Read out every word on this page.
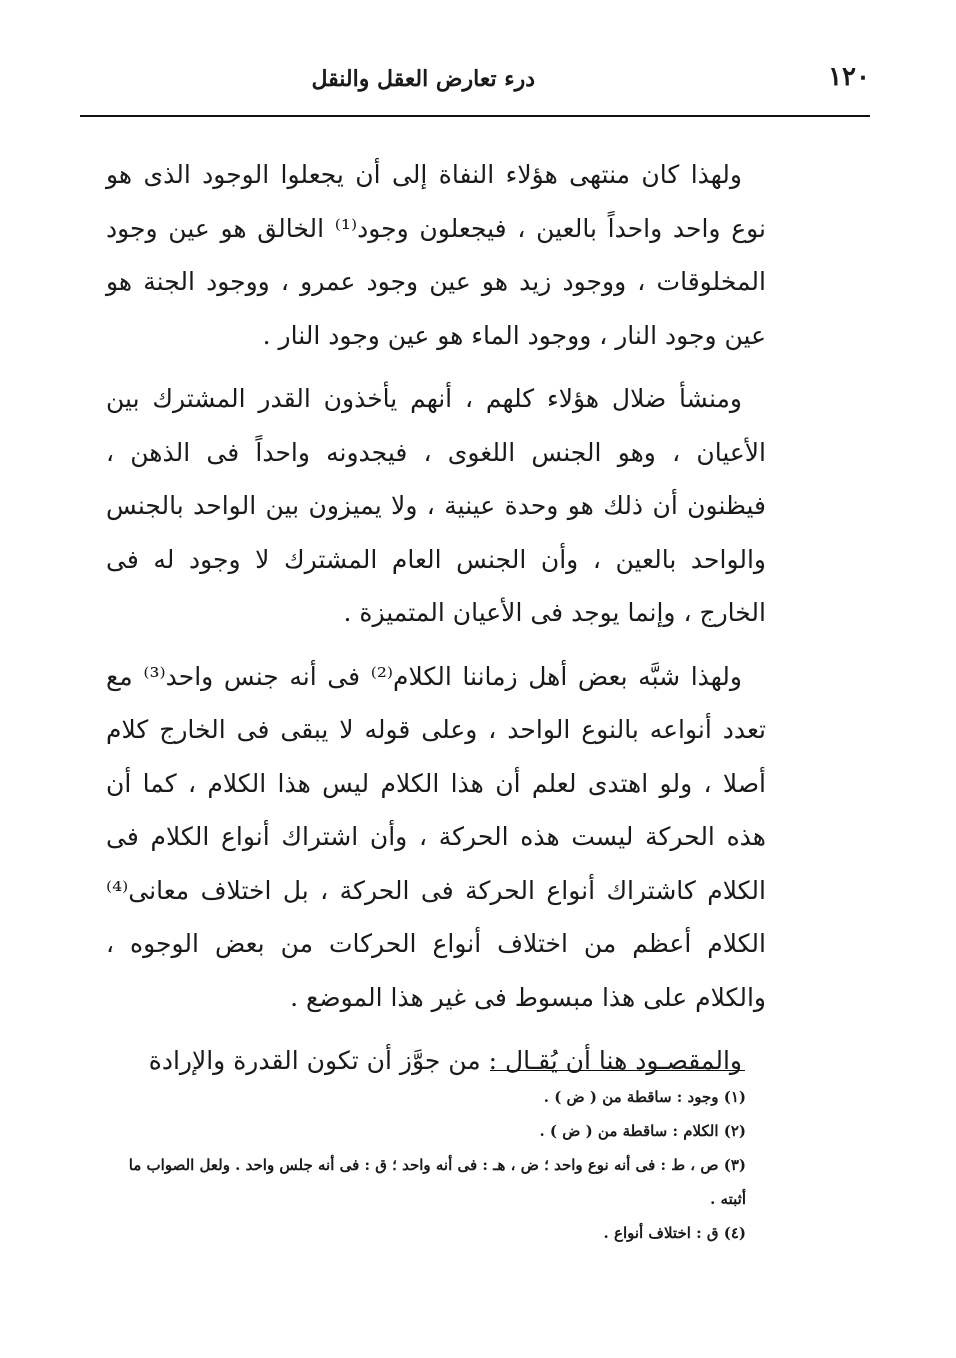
١٢٠
درء تعارض العقل والنقل

ولهذا كان منتهى هؤلاء النفاة إلى أن يجعلوا الوجود الذى هو نوع واحد واحداً بالعين ، فيجعلون وجود⁽¹⁾ الخالق هو عين وجود المخلوقات ، ووجود زيد هو عين وجود عمرو ، ووجود الجنة هو عين وجود النار ، ووجود الماء هو عين وجود النار .

ومنشأ ضلال هؤلاء كلهم ، أنهم يأخذون القدر المشترك بين الأعيان ، وهو الجنس اللغوى ، فيجدونه واحداً فى الذهن ، فيظنون أن ذلك هو وحدة عينية ، ولا يميزون بين الواحد بالجنس والواحد بالعين ، وأن الجنس العام المشترك لا وجود له فى الخارج ، وإنما يوجد فى الأعيان المتميزة .

ولهذا شبَّه بعض أهل زماننا الكلام⁽²⁾ فى أنه جنس واحد⁽³⁾ مع تعدد أنواعه بالنوع الواحد ، وعلى قوله لا يبقى فى الخارج كلام أصلا ، ولو اهتدى لعلم أن هذا الكلام ليس هذا الكلام ، كما أن هذه الحركة ليست هذه الحركة ، وأن اشتراك أنواع الكلام فى الكلام كاشتراك أنواع الحركة فى الحركة ، بل اختلاف معانى⁽⁴⁾ الكلام أعظم من اختلاف أنواع الحركات من بعض الوجوه ، والكلام على هذا مبسوط فى غير هذا الموضع .

والمقصـود هنا أن يُقـال : من جوَّز أن تكون القدرة والإرادة

(١) وجود : ساقطة من ( ض ) .
(٢) الكلام : ساقطة من ( ض ) .
(٣) ص ، ط : فى أنه نوع واحد ؛ ض ، هـ : فى أنه واحد ؛ ق : فى أنه جلس واحد . ولعل الصواب ما أثبته .
(٤) ق : اختلاف أنواع .
